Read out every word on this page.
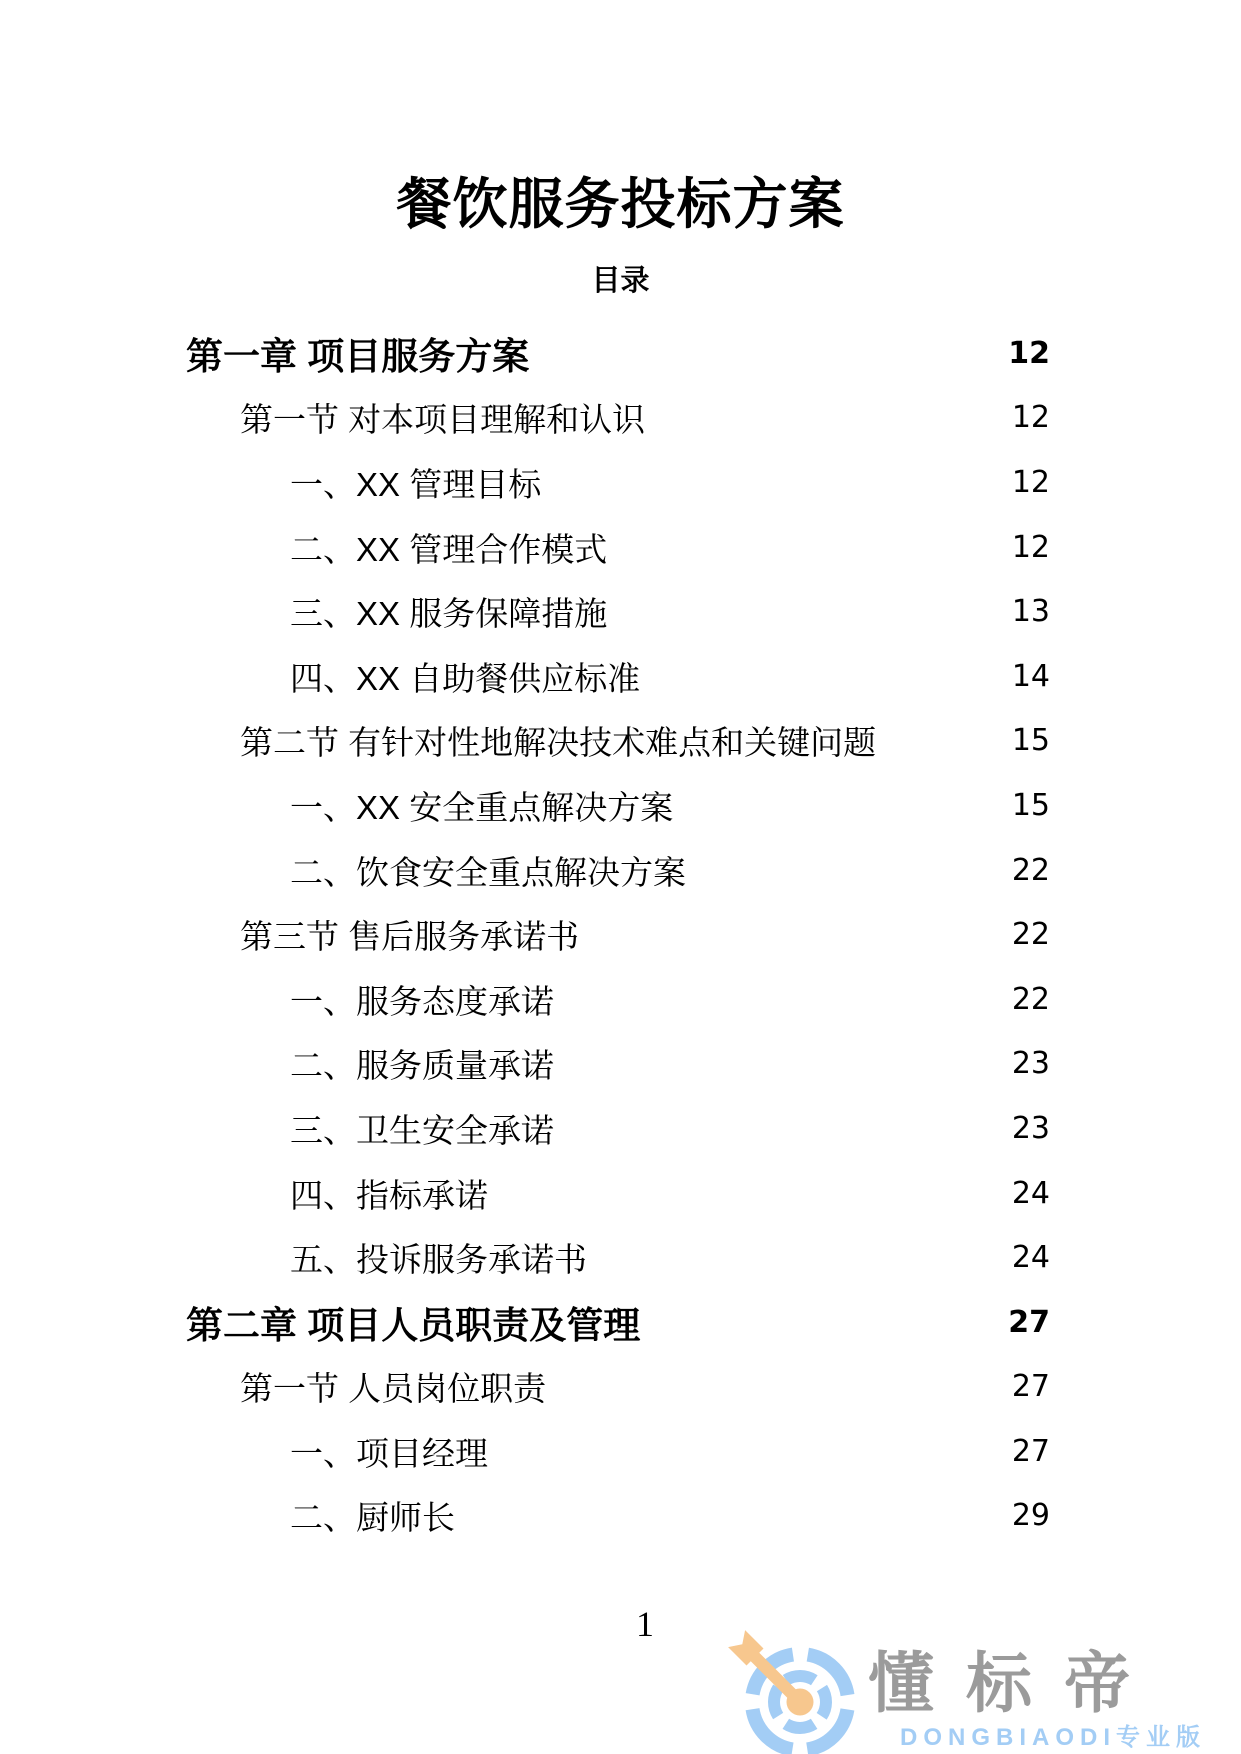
餐饮服务投标方案
目录
第一章 项目服务方案	12
第一节 对本项目理解和认识	12
一、XX 管理目标	12
二、XX 管理合作模式	12
三、XX 服务保障措施	13
四、XX 自助餐供应标准	14
第二节 有针对性地解决技术难点和关键问题	15
一、XX 安全重点解决方案	15
二、饮食安全重点解决方案	22
第三节 售后服务承诺书	22
一、服务态度承诺	22
二、服务质量承诺	23
三、卫生安全承诺	23
四、指标承诺	24
五、投诉服务承诺书	24
第二章 项目人员职责及管理	27
第一节 人员岗位职责	27
一、项目经理	27
二、厨师长	29
1
懂标帝
DONGBIAODI专业版
